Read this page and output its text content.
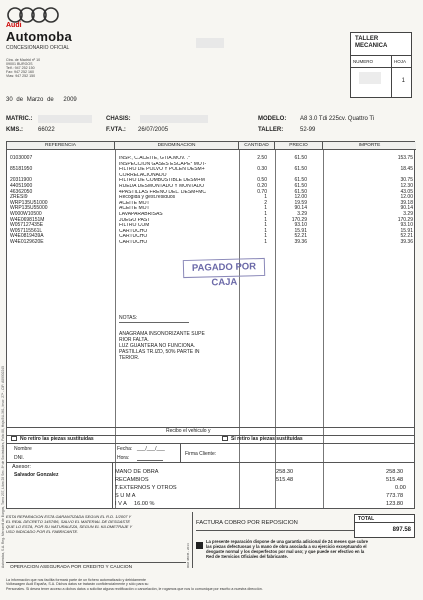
Audi
Automoba
CONCESIONARIO OFICIAL
Ctra. de Madrid nº 10
09001 BURGOS
Telf.: 947 252 150
Fax: 947 252 160
Vtas: 947 252 150
30 de Marzo de 2009
TALLER
MECANICA
NUMERO	HOJA
1
MATRIC.:	CHASIS:	MODELO: A8 3.0 Tdi 225cv. Quattro Ti
KMS.:	66022	F.VTA.: 26/07/2005	TALLER:	52-99
REFERENCIA	DENOMINACION	CANTIDAD	PRECIO	IMPORTE
01030007	INSP., C.ACEITE, GTIA.MOV. .*	2.50	61.50	153.75
INSPECCION GASES ESCAPE* MOT-
85181950	FILTRO DE POLVO Y POLEN DESM+	0.30	61.50	18.45
CORRELACIONADO
20311900	FILTRO DE COMBUSTIBLE DESM+M	0.50	61.50	30.75
44051900	RUEDA DESMONTADO Y MONTADO	0.20	61.50	12.30
46362050	4PASTILLAS FRENO DEL. DESM+MC	0.70	61.50	43.05
ZRESI9	Recogida y gest.residuos	1	12.00	12.00
WRP135U51000	ACEITE MOT	2	19.59	39.18
WRP135U55000	ACEITE MOT	1	90.14	90.14
W000W10500	LAVAPARABRISAS	1	3.29	3.29
W4E0698151M	JUEGO PAST	1	170.29	170.29
W057127435E	FILTRO COM	1	93.10	93.10
W057115561L	CARTUCHO	1	15.91	15.91
W4E0819439A	CARTUCHO	1	52.21	52.21
W4E0129620E	CARTUCHO	1	39.36	39.36
NOTAS:
ANAGRAMA INSONORIZANTE SUPE
RIOR FALTA.
LUZ GUANTERA NO FUNCIONA.
PASTILLAS TR.IZD, 50% PARTE IN
TERIOR.
PAGADO POR CAJA
Recibo el vehiculo y
No retiro las piezas sustituidas	Si retiro las piezas sustituidas
Nombre	Fecha: ___/___/___
DNI.	Hora:
Firma Cliente:
Asesor:
Salvador Gonzalez	MANO DE OBRA	258.30	258.30
RECAMBIOS	515.48	515.48
T.EXTERNOS Y OTROS	0.00
S U M A	773.78
I V A 16.00 %	123.80
ESTA REPARACION ESTA GARANTIZADA SEGUN EL R.D. 1/2007 Y
EL REAL DECRETO 1457/86, SALVO EL MATERIAL DE DESGASTE
QUE LO ESTA, POR SU NATURALEZA, SEGUN EL KILOMETRAJE Y
USO INDICADO POR EL FABRICANTE.
OPERACION ASEGURADA POR CREDITO Y CAUCION	RG8 48045 - 2014
FACTURA COBRO POR REPOSICION
TOTAL
897.58
La presente reparación dispone de una garantía adicional de 24 meses que cubre
las piezas defectuosas y la mano de obra asociada a su ejercicio exceptuando el
desgaste normal y los desperfectos por mal uso; y que puede ser efectivo en la
Red de Servicios Oficiales del fabricante.
La información que nos facilita formará parte de un fichero automatizado y debidamente
Volkswagen Audi España, S.A. Dichos datos se tratarán confidencialmente y sólo para su
Personales. Si desea tener acceso a dichos datos o solicitar alguna rectificación o cancelación, le rogamos que nos lo comunique por escrito a nuestra dirección.
Automoba, S.A. Reg. Mercantil de Burgos, Tomo 237, Libro 28 Sec. 8ª de Sociedades, Folio 88, Hoja BU-361, Inscr. 27ª - CIF: A09002245
